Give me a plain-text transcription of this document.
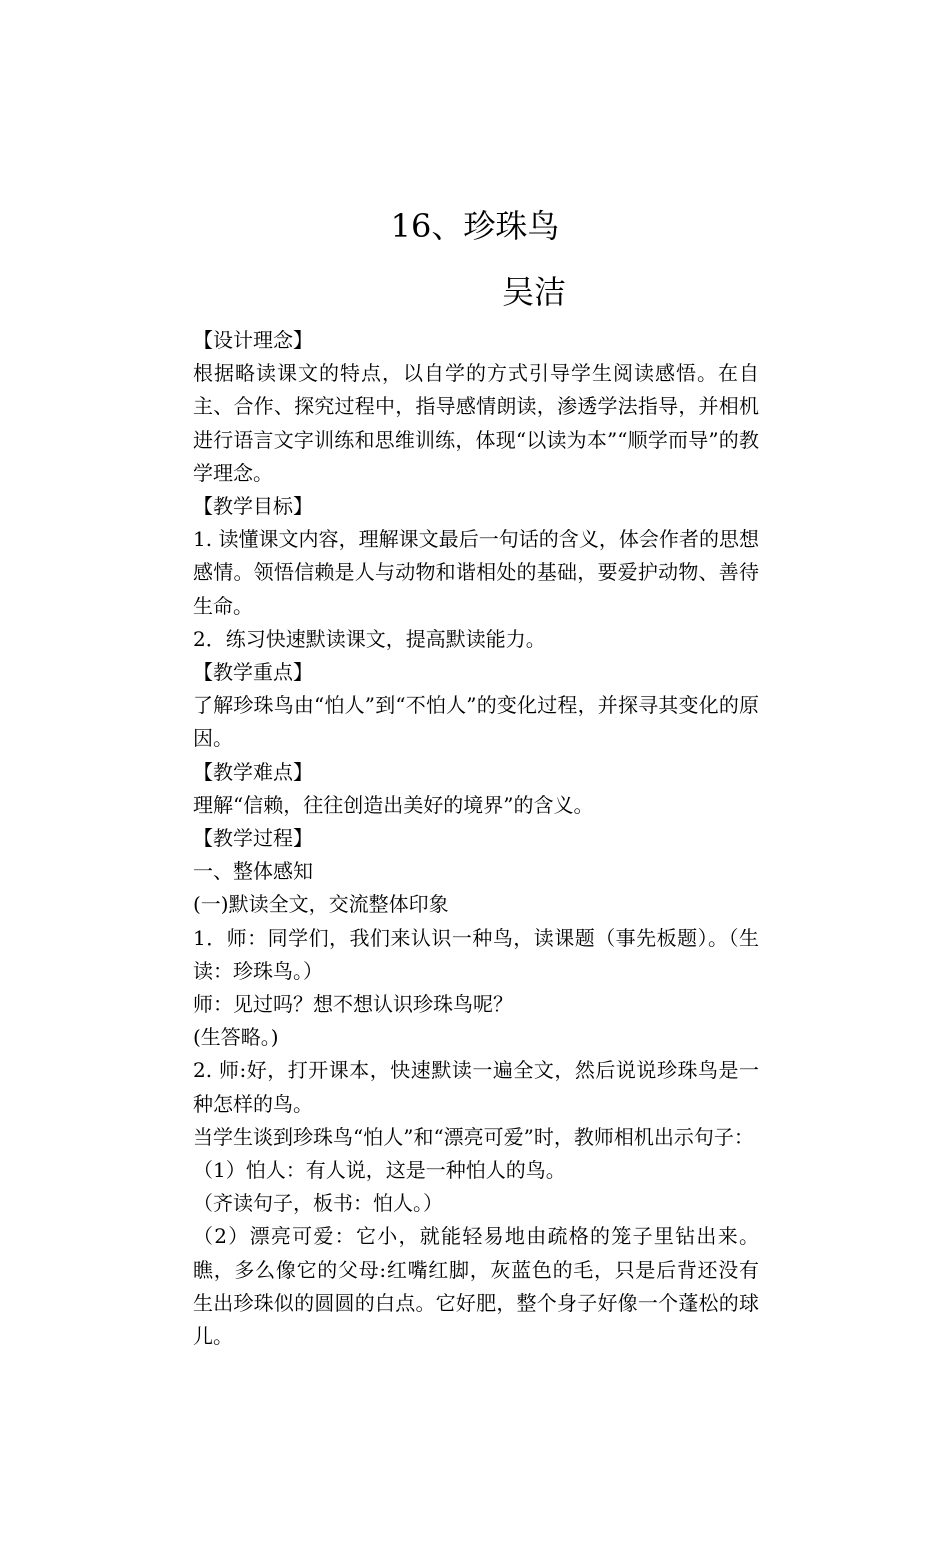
16、珍珠鸟
吴洁

【设计理念】

根据略读课文的特点，以自学的方式引导学生阅读感悟。在自主、合作、探究过程中，指导感情朗读，渗透学法指导，并相机进行语言文字训练和思维训练，体现“以读为本”“顺学而导”的教学理念。

【教学目标】

1. 读懂课文内容，理解课文最后一句话的含义，体会作者的思想感情。领悟信赖是人与动物和谐相处的基础，要爱护动物、善待生命。

2．练习快速默读课文，提高默读能力。

【教学重点】

了解珍珠鸟由“怕人”到“不怕人”的变化过程，并探寻其变化的原因。

【教学难点】

理解“信赖，往往创造出美好的境界”的含义。

【教学过程】

一、整体感知

(一)默读全文，交流整体印象

1．师：同学们，我们来认识一种鸟，读课题（事先板题）。（生读：珍珠鸟。）

师：见过吗？想不想认识珍珠鸟呢？

(生答略。)

2. 师:好，打开课本，快速默读一遍全文，然后说说珍珠鸟是一种怎样的鸟。

当学生谈到珍珠鸟“怕人”和“漂亮可爱”时，教师相机出示句子：

（1）怕人：有人说，这是一种怕人的鸟。

（齐读句子，板书：怕人。）

（2）漂亮可爱：它小，就能轻易地由疏格的笼子里钻出来。瞧，多么像它的父母:红嘴红脚，灰蓝色的毛，只是后背还没有生出珍珠似的圆圆的白点。它好肥，整个身子好像一个蓬松的球儿。
